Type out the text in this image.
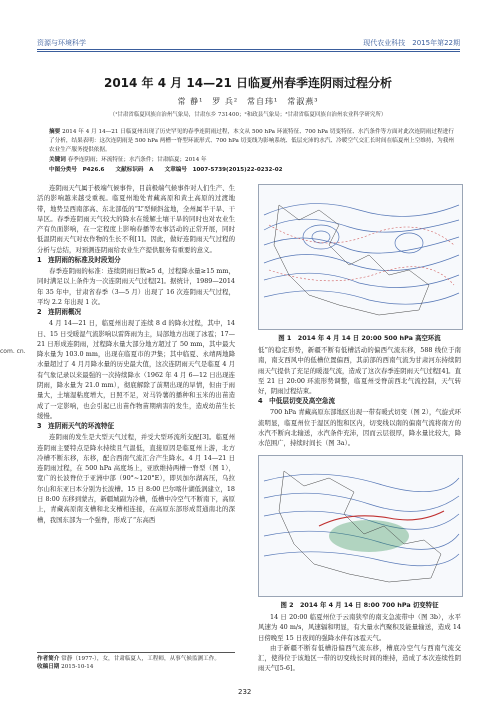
资源与环境科学	现代农业科技　2015年第22期
2014 年 4 月 14—21 日临夏州春季连阴雨过程分析
常 静¹　罗 兵²　常自玮¹　常淑燕³
（¹甘肃省临夏回族自治州气象局，甘肃东乡 731400；²和政县气象局；³甘肃省临夏回族自治州农业科学研究所）
摘要 2014 年 4 月 14—21 日临夏州出现了历史罕见的春季连阴雨过程，本文从 500 hPa 环流特征、700 hPa 切变特征、水汽条件等方面对此次连阴雨过程进行了分析，结果表明：这次连阴雨是 500 hPa 两槽一脊型环流形式、700 hPa 切变线为影响系统、低层充沛的水汽、冷暖空气交汇长时间在临夏州上空维持，为我州农业生产服务提供依据。
关键词 春季连阴雨；环流特征；水汽条件；甘肃临夏；2014 年
中图分类号　P426.6　　文献标识码　A　　文章编号　1007-5739(2015)22-0232-02

连阴雨天气属于极端气候事件，目前极端气候事件对人们生产、生活的影响越来越受重视。临夏州地处青藏高原和黄土高原的过渡地带，地势呈西南部高、东北部低的“L”型倾斜盆地，全州属半干旱、干旱区。春季连阴雨天气较大的降水在缓解土壤干旱的同时也对农业生产有负面影响，在一定程度上影响春播等农事活动的正常开展，同时低温阴雨天气对农作物的生长不利[1]。因此，做好连阴雨天气过程的分析与总结，对预测连阴雨给农业生产提供服务有重要的意义。

1　连阴雨的标准及时段划分

春季连阴雨的标准：连续阴雨日数≥5 d，过程降水量≥15 mm，同时满足以上条件为一次连阴雨天气过程[2]。据统计，1989—2014 年 35 年中，甘肃省春季（3—5 月）出现了 16 次连阴雨天气过程，平均 2.2 年出现 1 次。

2　连阴雨概况

4 月 14—21 日，临夏州出现了连续 8 d 的降水过程，其中，14 日、15 日受暖湿气流影响以雷阵雨为主，局部地方出现了冰雹；17—21 日形成连阴雨，过程降水量大部分地方超过了 50 mm，其中最大降水量为 103.0 mm，出现在临夏市的尹集；其中临夏、永靖两地降水量超过了 4 月月降水量的历史最大值，这次连阴雨天气是临夏 4 月有气象记录以来最强的一次持续降水（1962 年 4 月 6—12 日出现连阴雨，降水量为 21.0 mm），彻底解除了前期出现的旱情，但由于雨量大，土壤湿粘度增大，日照不足，对马铃薯的播种和玉米的出苗造成了一定影响，也会引起已出苗作物苗期病害的发生，造成幼苗生长缓慢。

3　连阴雨天气的环流特征

连阴雨的发生是大型天气过程，并受大型环流所支配[3]。临夏州连阴雨主要特点是降水持续且气温低，直接原因是临夏州上游，北方冷槽不断东移，东移，配合西南气流汇合产生降水。4 月 14—21 日连阴雨过程，在 500 hPa 高度场上，亚欧维持两槽一脊型（图 1），宽广的长波脊位于亚洲中部（90°~120°E），即贝加尔湖高压，乌拉尔山和东亚日本分别为长波槽。15 日 8:00 巴尔喀什湖低涡建立，18 日 8:00 东移到蒙古，新疆城副为冷槽，低槽中冷空气不断南下，高原上，青藏高原南支槽和北支槽相连接，在高原东部形成贯通南北的深槽，我国东部为一个强脊，形成了“东高西

com. cn.
作者简介 常静（1977-），女，甘肃临夏人，工程师，从事气候监测工作。
收稿日期 2015-10-14
232
图 1　2014 年 4 月 14 日 20:00 500 hPa 高空环流

低”的稳定形势，新疆不断有低槽活动的偏西气流东移，588 线位于南南，南支西风中的低槽位置偏西，其前部的西南气流为甘肃河东持续阴雨天气提供了充足的暖湿气流，造成了这次春季连阴雨天气过程[4]。直至 21 日 20:00 环流形势调整，临夏州受脊前西北气流控制，天气转好，阴雨过程结束。

4　中低层切变及高空急流

700 hPa 青藏高原东部地区出现一带有暖式切变（图 2），气旋式环流明显，临夏州位于湿区的饱和区内，切变线以南的偏南气流将南方的水汽不断向北输送，水汽条件充沛，因而云层很厚，降水量比较大，降水范围广，持续时间长（图 3a）。

图 2　2014 年 4 月 14 日 8:00 700 hPa 切变特征

14 日 20:00 临夏州位于云南狭窄的南支急流带中（图 3b），水平风速为 40 m/s，风速辐和明显，有大量水汽聚积及能量输送，造成 14 日傍晚至 15 日夜间的强降水伴有冰雹天气。

由于新疆不断有低槽沿偏西气流东移，槽底冷空气与西南气流交汇，使得位于该地区一带的切变线长时间的维持，造成了本次连续性阴雨天气[5-6]。
